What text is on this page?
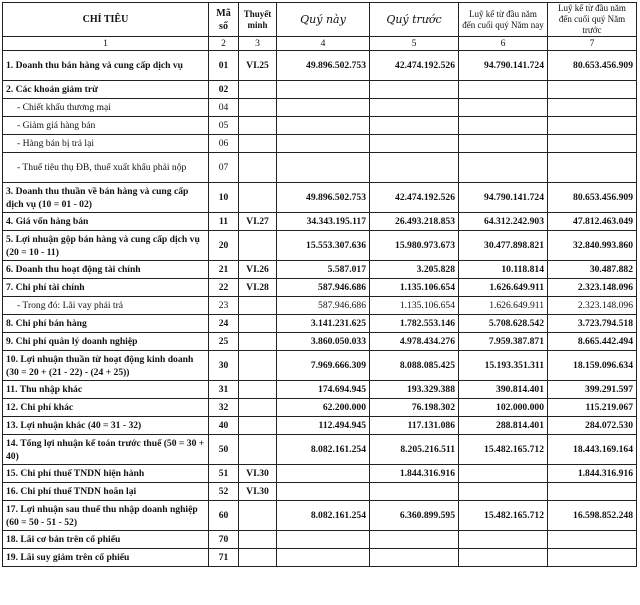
CHỈ TIÊU	Mã số	Thuyết minh	Quý này	Quý trước	Luỹ kế từ đầu năm đến cuối quý Năm nay	Luỹ kế từ đầu năm đến cuối quý Năm trước
1	2	3	4	5	6	7
1. Doanh thu bán hàng và cung cấp dịch vụ	01	VI.25	49.896.502.753	42.474.192.526	94.790.141.724	80.653.456.909
2. Các khoản giảm trừ	02					
- Chiết khấu thương mại	04					
- Giảm giá hàng bán	05					
- Hàng bán bị trả lại	06					
- Thuế tiêu thụ ĐB, thuế xuất khẩu phải nộp	07					
3. Doanh thu thuần về bán hàng và cung cấp dịch vụ (10 = 01 - 02)	10		49.896.502.753	42.474.192.526	94.790.141.724	80.653.456.909
4. Giá vốn hàng bán	11	VI.27	34.343.195.117	26.493.218.853	64.312.242.903	47.812.463.049
5. Lợi nhuận gộp bán hàng và cung cấp dịch vụ (20 = 10 - 11)	20		15.553.307.636	15.980.973.673	30.477.898.821	32.840.993.860
6. Doanh thu hoạt động tài chính	21	VI.26	5.587.017	3.205.828	10.118.814	30.487.882
7. Chi phí tài chính	22	VI.28	587.946.686	1.135.106.654	1.626.649.911	2.323.148.096
- Trong đó: Lãi vay phải trả	23		587.946.686	1.135.106.654	1.626.649.911	2.323.148.096
8. Chi phí bán hàng	24		3.141.231.625	1.782.553.146	5.708.628.542	3.723.794.518
9. Chi phí quản lý doanh nghiệp	25		3.860.050.033	4.978.434.276	7.959.387.871	8.665.442.494
10. Lợi nhuận thuần từ hoạt động kinh doanh (30 = 20 + (21 - 22) - (24 + 25))	30		7.969.666.309	8.088.085.425	15.193.351.311	18.159.096.634
11. Thu nhập khác	31		174.694.945	193.329.388	390.814.401	399.291.597
12. Chi phí khác	32		62.200.000	76.198.302	102.000.000	115.219.067
13. Lợi nhuận khác (40 = 31 - 32)	40		112.494.945	117.131.086	288.814.401	284.072.530
14. Tổng lợi nhuận kế toán trước thuế (50 = 30 + 40)	50		8.082.161.254	8.205.216.511	15.482.165.712	18.443.169.164
15. Chi phí thuế TNDN hiện hành	51	VI.30		1.844.316.916		1.844.316.916
16. Chi phí thuế TNDN hoãn lại	52	VI.30				
17. Lợi nhuận sau thuế thu nhập doanh nghiệp (60 = 50 - 51 - 52)	60		8.082.161.254	6.360.899.595	15.482.165.712	16.598.852.248
18. Lãi cơ bản trên cổ phiếu	70					
19. Lãi suy giảm trên cổ phiếu	71					
